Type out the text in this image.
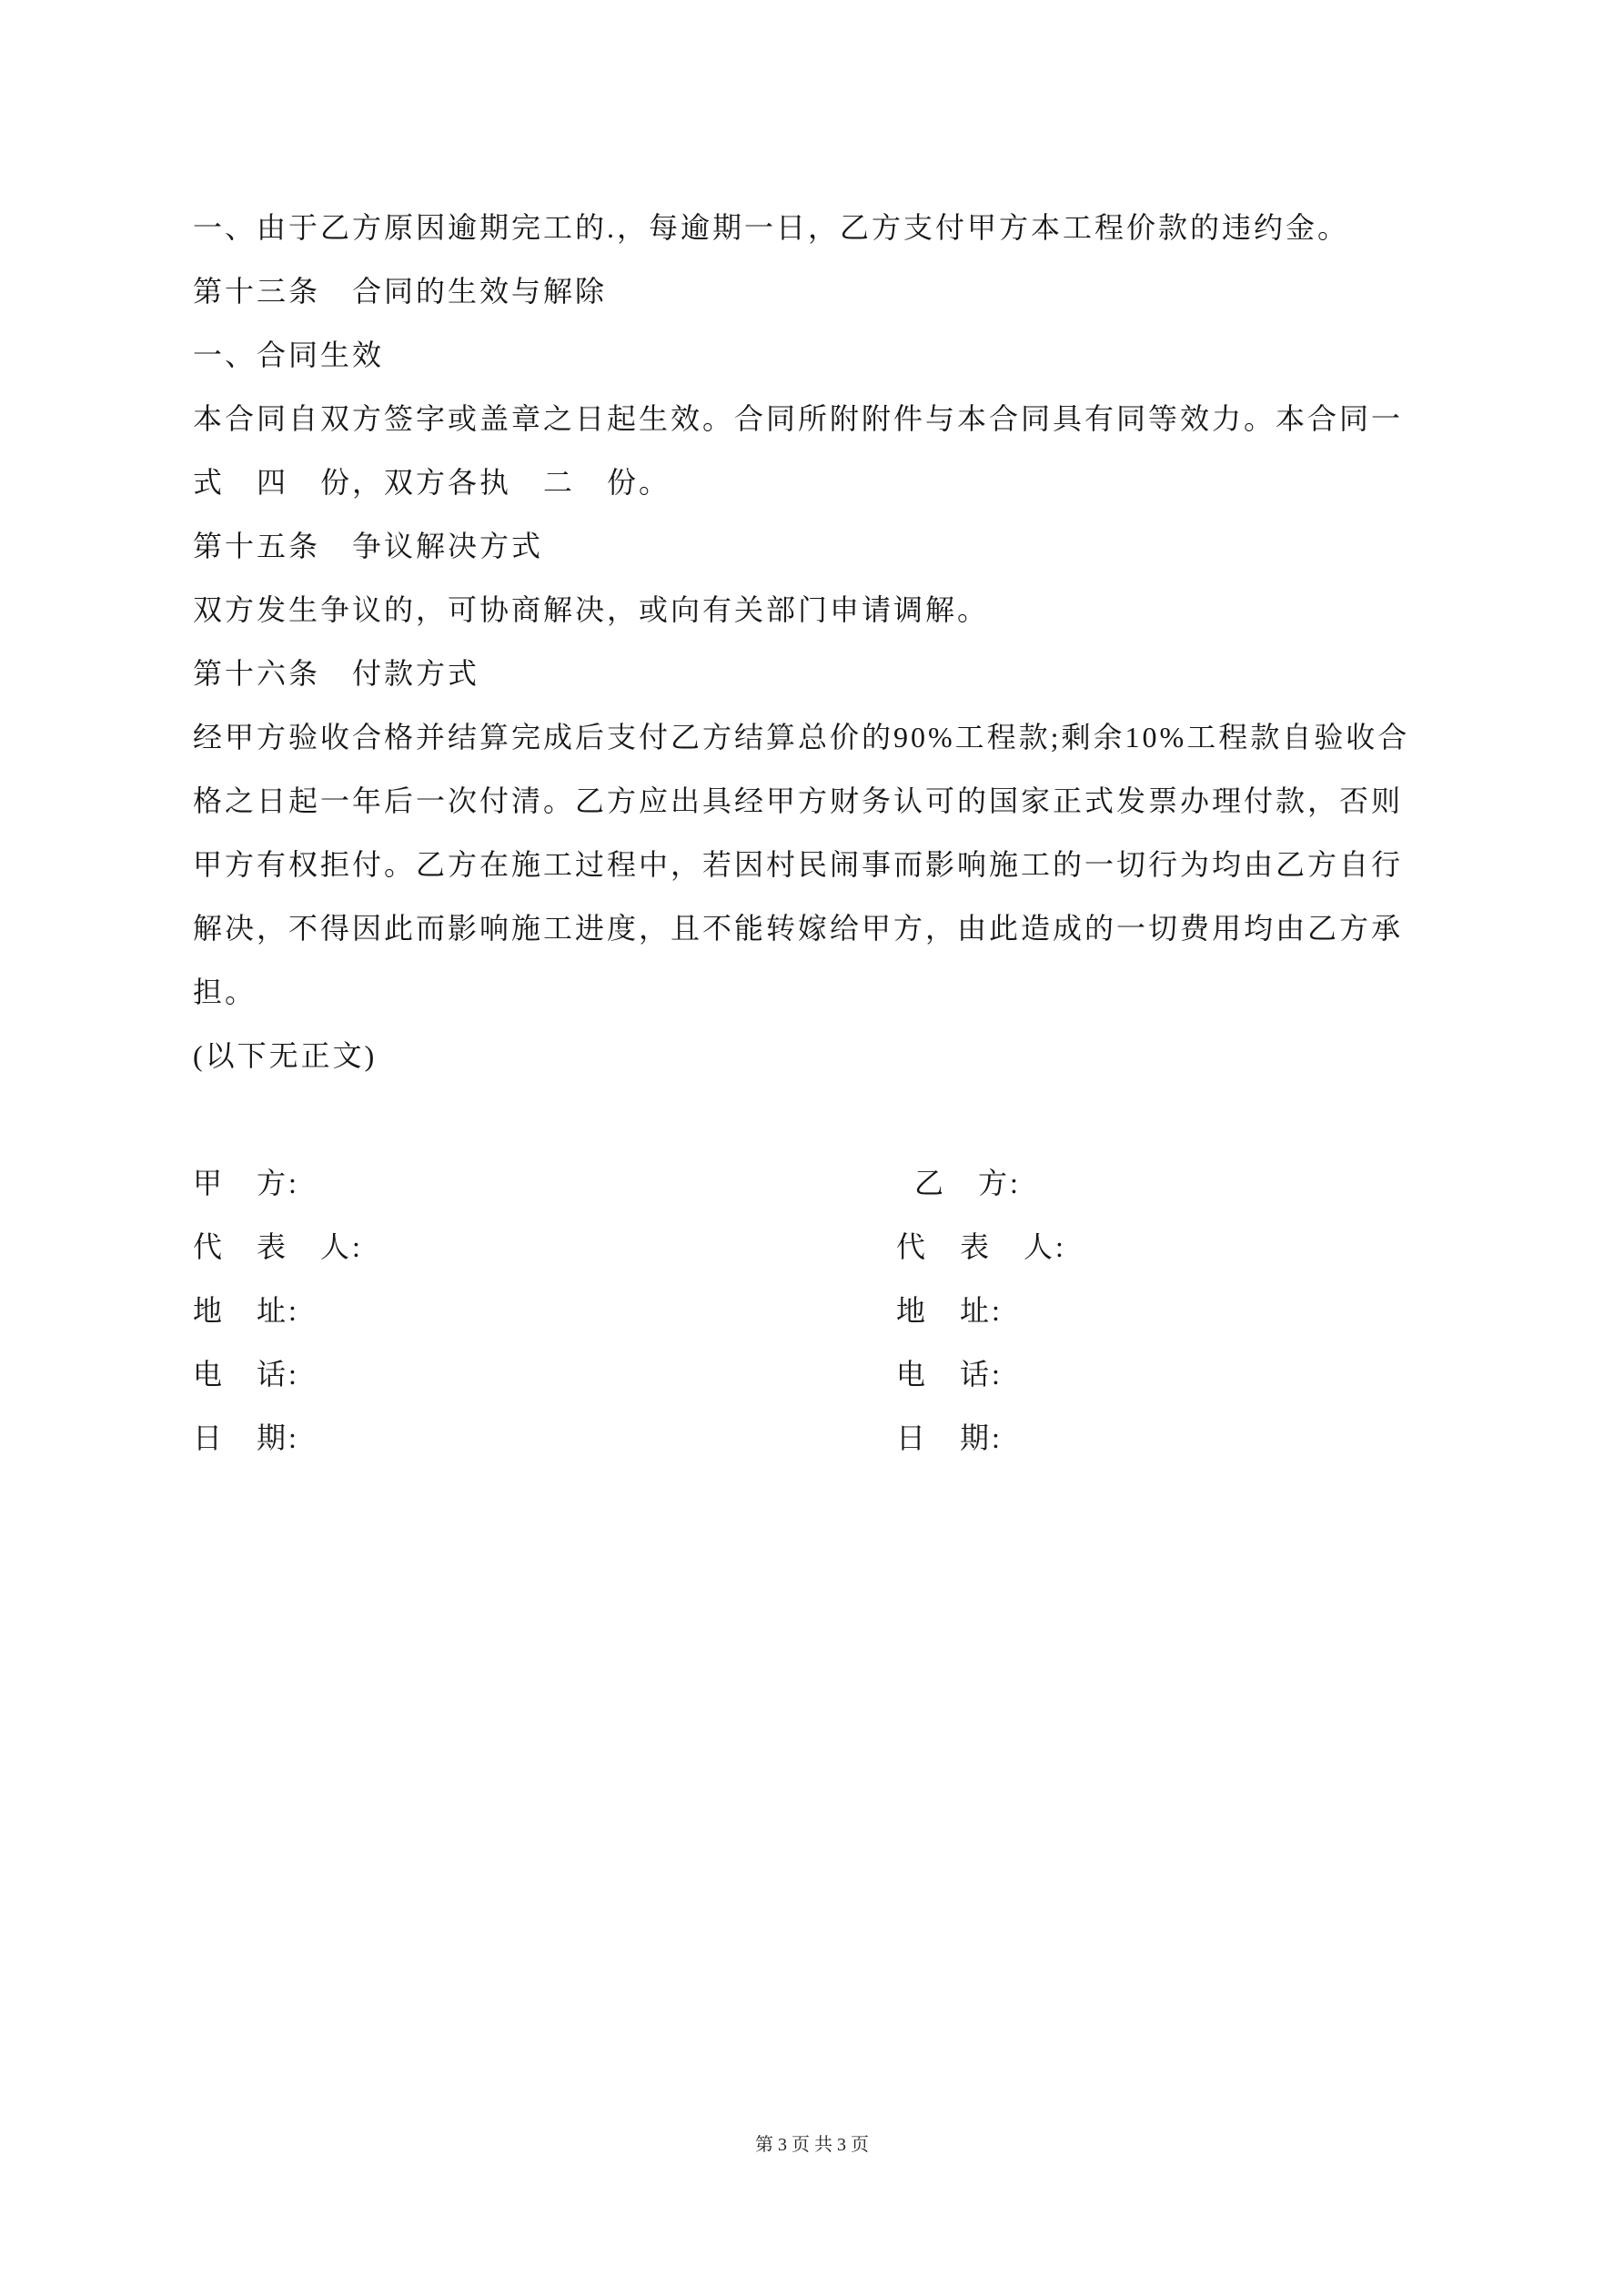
一、由于乙方原因逾期完工的.，每逾期一日，乙方支付甲方本工程价款的违约金。
第十三条　合同的生效与解除
一、合同生效
本合同自双方签字或盖章之日起生效。合同所附附件与本合同具有同等效力。本合同一
式　四　份，双方各执　二　份。
第十五条　争议解决方式
双方发生争议的，可协商解决，或向有关部门申请调解。
第十六条　付款方式
经甲方验收合格并结算完成后支付乙方结算总价的90%工程款;剩余10%工程款自验收合
格之日起一年后一次付清。乙方应出具经甲方财务认可的国家正式发票办理付款，否则
甲方有权拒付。乙方在施工过程中，若因村民闹事而影响施工的一切行为均由乙方自行
解决，不得因此而影响施工进度，且不能转嫁给甲方，由此造成的一切费用均由乙方承
担。
(以下无正文)

甲　方:

	乙　方:

代　表　人:

	代　表　人:

地　址:

	地　址:

电　话:

	电　话:

日　期:

	日　期:

第 3 页 共 3 页
